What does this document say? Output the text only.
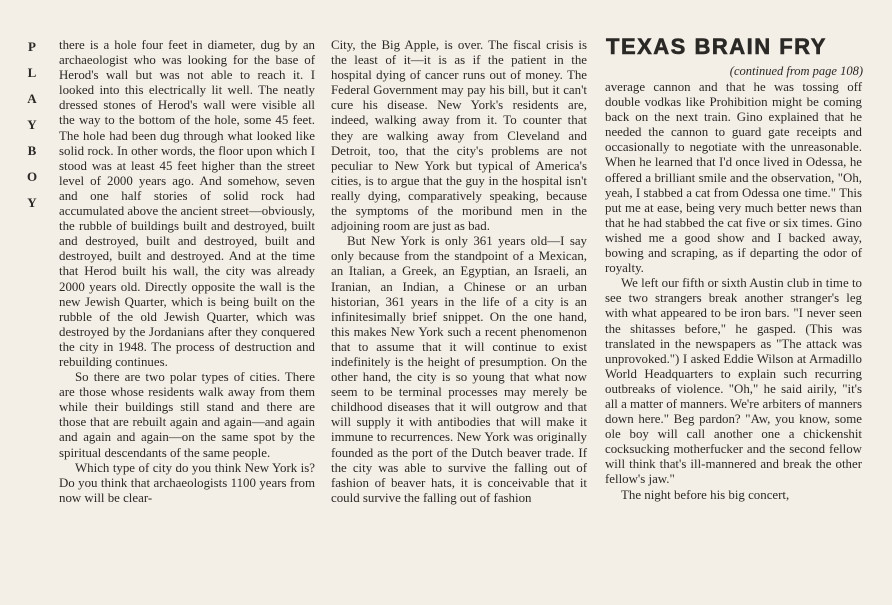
P
L
A
Y
B
O
Y

there is a hole four feet in diameter, dug by an archaeologist who was looking for the base of Herod's wall but was not able to reach it. I looked into this electrically lit well. The neatly dressed stones of Herod's wall were visible all the way to the bottom of the hole, some 45 feet. The hole had been dug through what looked like solid rock. In other words, the floor upon which I stood was at least 45 feet higher than the street level of 2000 years ago. And somehow, seven and one half stories of solid rock had accumulated above the ancient street—obviously, the rubble of buildings built and destroyed, built and destroyed, built and destroyed, built and destroyed, built and destroyed. And at the time that Herod built his wall, the city was already 2000 years old. Directly opposite the wall is the new Jewish Quarter, which is being built on the rubble of the old Jewish Quarter, which was destroyed by the Jordanians after they conquered the city in 1948. The process of destruction and rebuilding continues.

So there are two polar types of cities. There are those whose residents walk away from them while their buildings still stand and there are those that are rebuilt again and again—and again and again and again—on the same spot by the spiritual descendants of the same people.

Which type of city do you think New York is? Do you think that archaeologists 1100 years from now will be clear-

City, the Big Apple, is over. The fiscal crisis is the least of it—it is as if the patient in the hospital dying of cancer runs out of money. The Federal Government may pay his bill, but it can't cure his disease. New York's residents are, indeed, walking away from it. To counter that they are walking away from Cleveland and Detroit, too, that the city's problems are not peculiar to New York but typical of America's cities, is to argue that the guy in the hospital isn't really dying, comparatively speaking, because the symptoms of the moribund men in the adjoining room are just as bad.

But New York is only 361 years old—I say only because from the standpoint of a Mexican, an Italian, a Greek, an Egyptian, an Israeli, an Iranian, an Indian, a Chinese or an urban historian, 361 years in the life of a city is an infinitesimally brief snippet. On the one hand, this makes New York such a recent phenomenon that to assume that it will continue to exist indefinitely is the height of presumption. On the other hand, the city is so young that what now seem to be terminal processes may merely be childhood diseases that it will outgrow and that will supply it with antibodies that will make it immune to recurrences. New York was originally founded as the port of the Dutch beaver trade. If the city was able to survive the falling out of fashion of beaver hats, it is conceivable that it could survive the falling out of fashion

TEXAS BRAIN FRY
(continued from page 108)

average cannon and that he was tossing off double vodkas like Prohibition might be coming back on the next train. Gino explained that he needed the cannon to guard gate receipts and occasionally to negotiate with the unreasonable. When he learned that I'd once lived in Odessa, he offered a brilliant smile and the observation, "Oh, yeah, I stabbed a cat from Odessa one time." This put me at ease, being very much better news than that he had stabbed the cat five or six times. Gino wished me a good show and I backed away, bowing and scraping, as if departing the odor of royalty.

We left our fifth or sixth Austin club in time to see two strangers break another stranger's leg with what appeared to be iron bars. "I never seen the shitasses before," he gasped. (This was translated in the newspapers as "The attack was unprovoked.") I asked Eddie Wilson at Armadillo World Headquarters to explain such recurring outbreaks of violence. "Oh," he said airily, "it's all a matter of manners. We're arbiters of manners down here." Beg pardon? "Aw, you know, some ole boy will call another one a chickenshit cocksucking motherfucker and the second fellow will think that's ill-mannered and break the other fellow's jaw."

The night before his big concert,
